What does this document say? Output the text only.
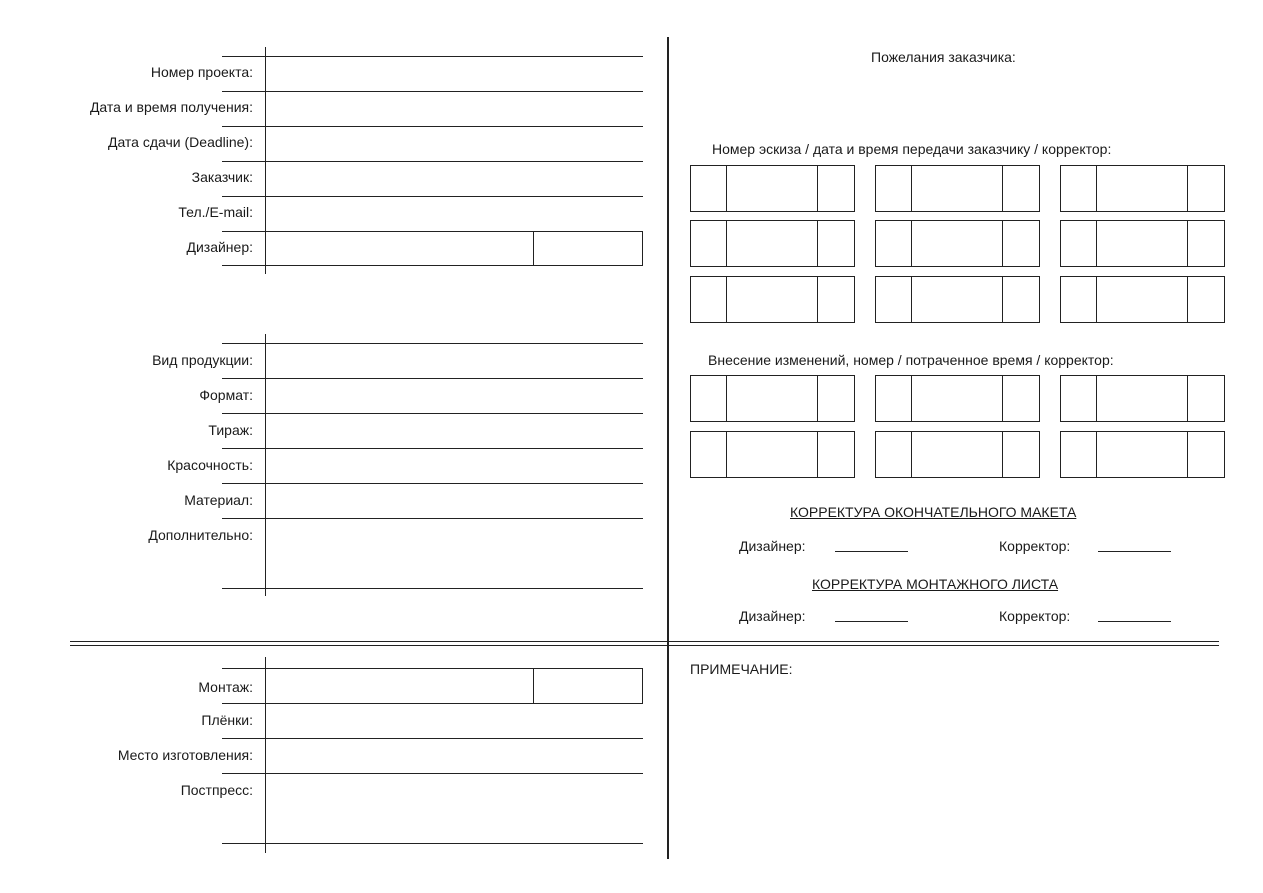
Номер проекта:
Дата и время получения:
Дата сдачи (Deadline):
Заказчик:
Тел./E-mail:
Дизайнер:
Вид продукции:
Формат:
Тираж:
Красочность:
Материал:
Дополнительно:
Монтаж:
Плёнки:
Место изготовления:
Постпресс:
Пожелания заказчика:
Номер эскиза / дата и время передачи заказчику / корректор:
Внесение изменений, номер / потраченное время / корректор:
КОРРЕКТУРА ОКОНЧАТЕЛЬНОГО МАКЕТА
Дизайнер:	Корректор:
КОРРЕКТУРА МОНТАЖНОГО ЛИСТА
Дизайнер:	Корректор:
ПРИМЕЧАНИЕ:
